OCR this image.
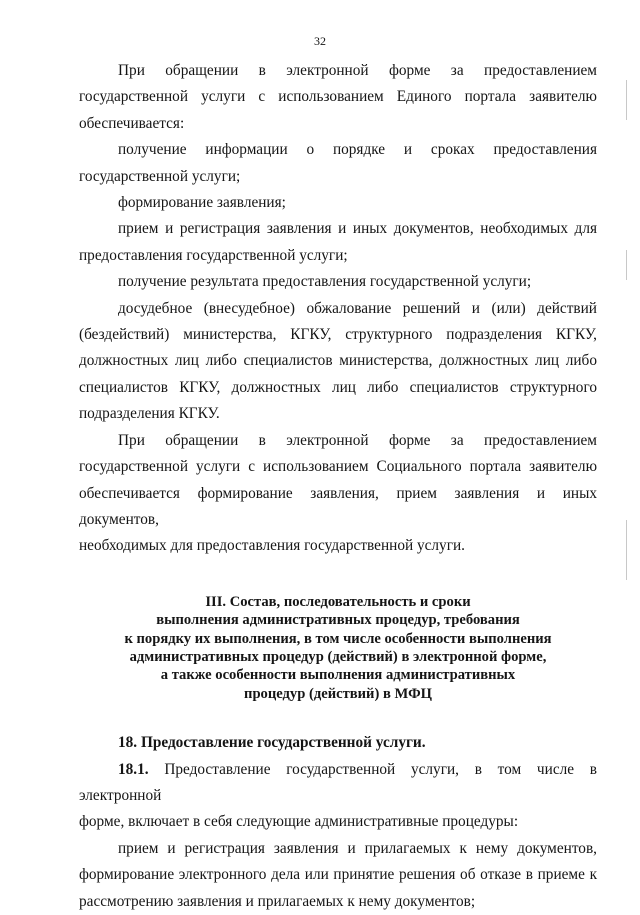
32
При обращении в электронной форме за предоставлением государственной услуги с использованием Единого портала заявителю
обеспечивается:
получение информации о порядке и сроках предоставления
государственной услуги;
формирование заявления;
прием и регистрация заявления и иных документов, необходимых для
предоставления государственной услуги;
получение результата предоставления государственной услуги;
досудебное (внесудебное) обжалование решений и (или) действий (бездействий) министерства, КГКУ, структурного подразделения КГКУ, должностных лиц либо специалистов министерства, должностных лиц либо специалистов КГКУ, должностных лиц либо специалистов структурного
подразделения КГКУ.
При обращении в электронной форме за предоставлением государственной услуги с использованием Социального портала заявителю обеспечивается формирование заявления, прием заявления и иных документов,
необходимых для предоставления государственной услуги.
III. Состав, последовательность и сроки
выполнения административных процедур, требования
к порядку их выполнения, в том числе особенности выполнения
административных процедур (действий) в электронной форме,
а также особенности выполнения административных
процедур (действий) в МФЦ
18. Предоставление государственной услуги.
18.1. Предоставление государственной услуги, в том числе в электронной
форме, включает в себя следующие административные процедуры:
прием и регистрация заявления и прилагаемых к нему документов, формирование электронного дела или принятие решения об отказе в приеме к
рассмотрению заявления и прилагаемых к нему документов;
